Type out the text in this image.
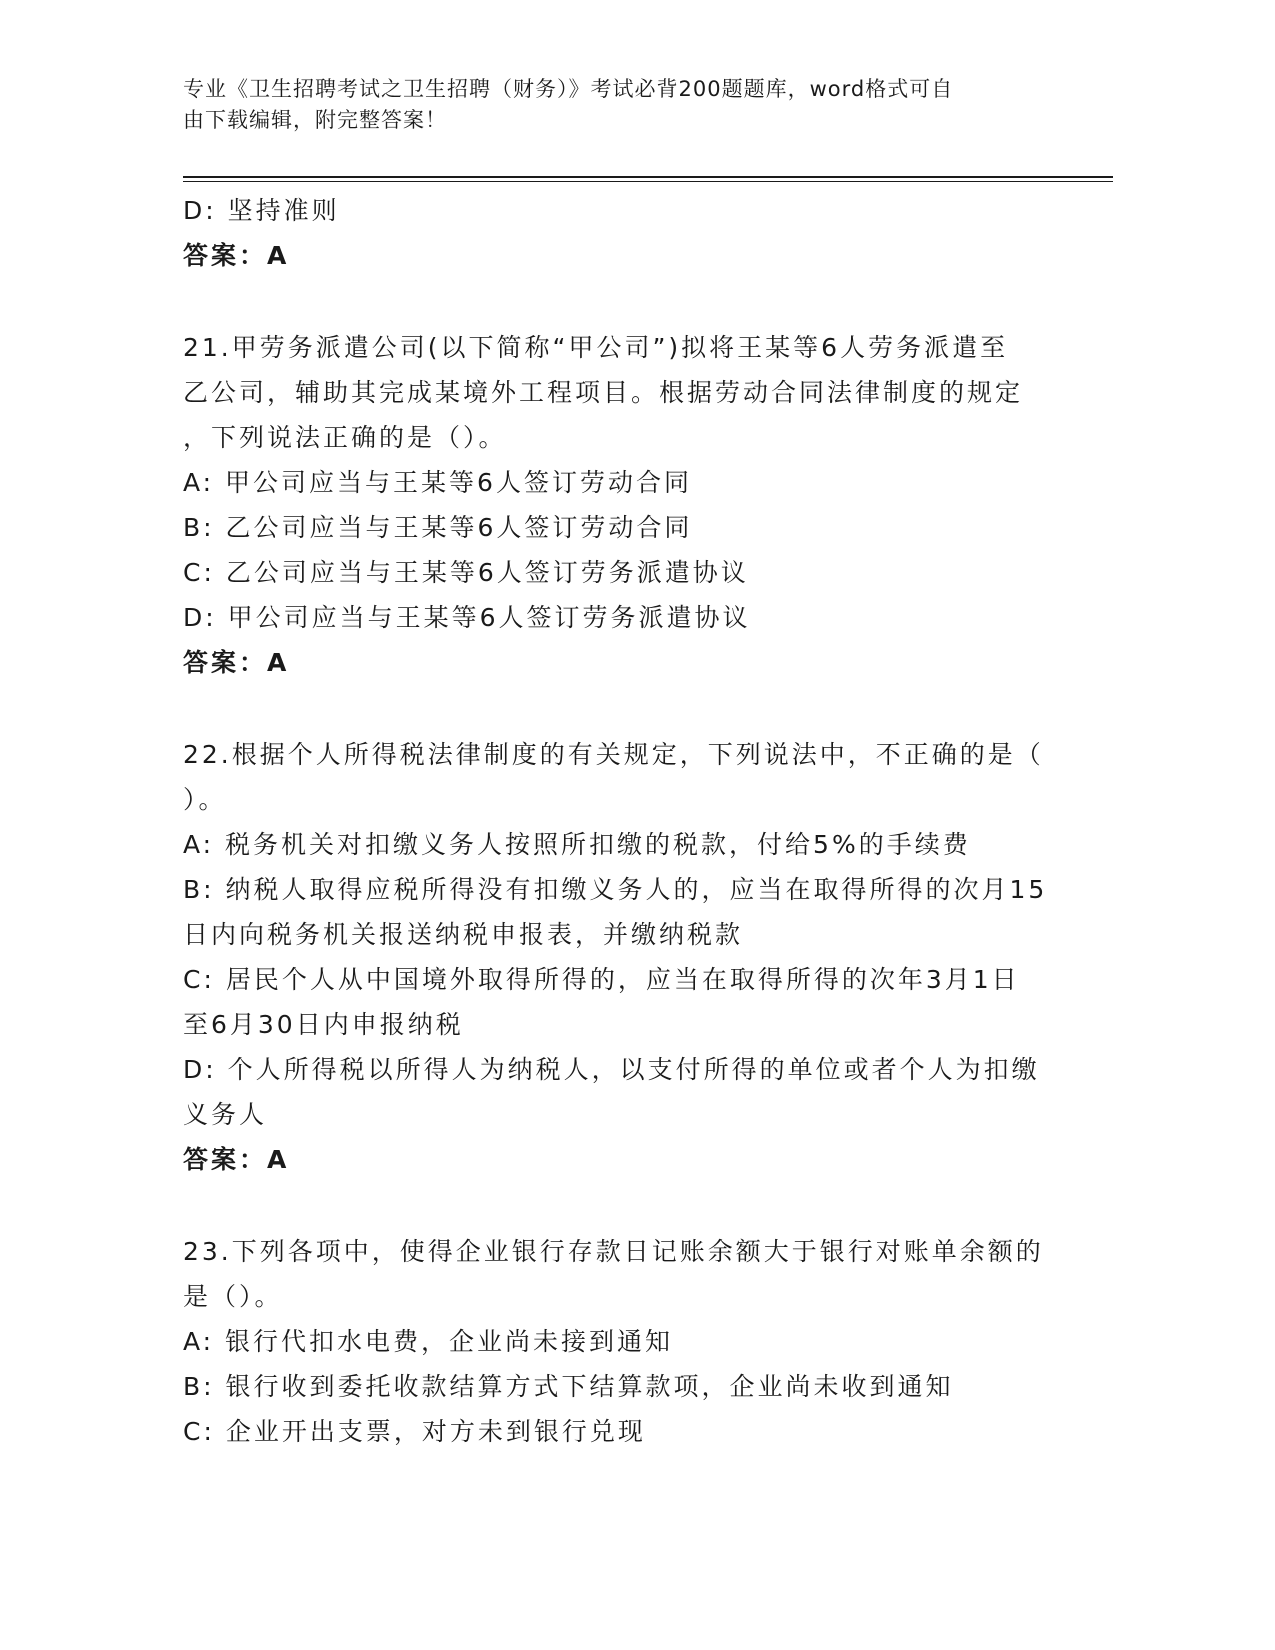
专业《卫生招聘考试之卫生招聘（财务）》考试必背200题题库，word格式可自
由下载编辑，附完整答案！
D: 坚持准则
答案：A
21.甲劳务派遣公司(以下简称“甲公司”)拟将王某等6人劳务派遣至
乙公司，辅助其完成某境外工程项目。根据劳动合同法律制度的规定
，下列说法正确的是（）。
A: 甲公司应当与王某等6人签订劳动合同
B: 乙公司应当与王某等6人签订劳动合同
C: 乙公司应当与王某等6人签订劳务派遣协议
D: 甲公司应当与王某等6人签订劳务派遣协议
答案：A
22.根据个人所得税法律制度的有关规定，下列说法中，不正确的是（
）。
A: 税务机关对扣缴义务人按照所扣缴的税款，付给5%的手续费
B: 纳税人取得应税所得没有扣缴义务人的，应当在取得所得的次月15
日内向税务机关报送纳税申报表，并缴纳税款
C: 居民个人从中国境外取得所得的，应当在取得所得的次年3月1日
至6月30日内申报纳税
D: 个人所得税以所得人为纳税人，以支付所得的单位或者个人为扣缴
义务人
答案：A
23.下列各项中，使得企业银行存款日记账余额大于银行对账单余额的
是（）。
A: 银行代扣水电费，企业尚未接到通知
B: 银行收到委托收款结算方式下结算款项，企业尚未收到通知
C: 企业开出支票，对方未到银行兑现
